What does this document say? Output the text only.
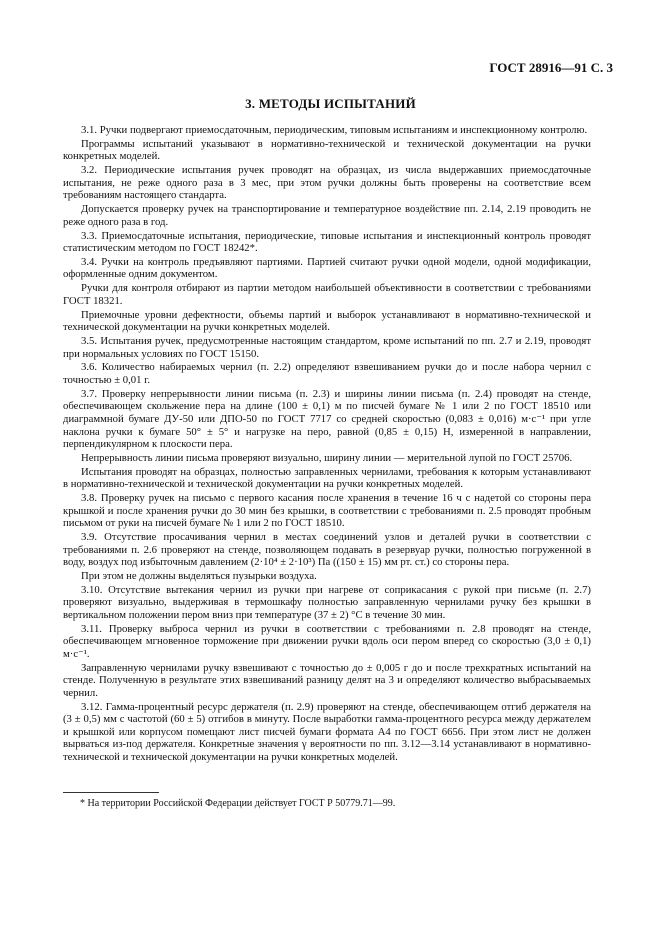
ГОСТ 28916—91 С. 3
3. МЕТОДЫ ИСПЫТАНИЙ

3.1. Ручки подвергают приемосдаточным, периодическим, типовым испытаниям и инспекционному контролю.

Программы испытаний указывают в нормативно-технической и технической документации на ручки конкретных моделей.

3.2. Периодические испытания ручек проводят на образцах, из числа выдержавших приемосдаточные испытания, не реже одного раза в 3 мес, при этом ручки должны быть проверены на соответствие всем требованиям настоящего стандарта.

Допускается проверку ручек на транспортирование и температурное воздействие пп. 2.14, 2.19 проводить не реже одного раза в год.

3.3. Приемосдаточные испытания, периодические, типовые испытания и инспекционный контроль проводят статистическим методом по ГОСТ 18242*.

3.4. Ручки на контроль предъявляют партиями. Партией считают ручки одной модели, одной модификации, оформленные одним документом.

Ручки для контроля отбирают из партии методом наибольшей объективности в соответствии с требованиями ГОСТ 18321.

Приемочные уровни дефектности, объемы партий и выборок устанавливают в нормативно-технической и технической документации на ручки конкретных моделей.

3.5. Испытания ручек, предусмотренные настоящим стандартом, кроме испытаний по пп. 2.7 и 2.19, проводят при нормальных условиях по ГОСТ 15150.

3.6. Количество набираемых чернил (п. 2.2) определяют взвешиванием ручки до и после набора чернил с точностью ± 0,01 г.

3.7. Проверку непрерывности линии письма (п. 2.3) и ширины линии письма (п. 2.4) проводят на стенде, обеспечивающем скольжение пера на длине (100 ± 0,1) м по писчей бумаге № 1 или 2 по ГОСТ 18510 или диаграммной бумаге ДУ-50 или ДПО-50 по ГОСТ 7717 со средней скоростью (0,083 ± 0,016) м·с⁻¹ при угле наклона ручки к бумаге 50° ± 5° и нагрузке на перо, равной (0,85 ± 0,15) Н, измеренной в направлении, перпендикулярном к плоскости пера.

Непрерывность линии письма проверяют визуально, ширину линии — мерительной лупой по ГОСТ 25706.

Испытания проводят на образцах, полностью заправленных чернилами, требования к которым устанавливают в нормативно-технической и технической документации на ручки конкретных моделей.

3.8. Проверку ручек на письмо с первого касания после хранения в течение 16 ч с надетой со стороны пера крышкой и после хранения ручки до 30 мин без крышки, в соответствии с требованиями п. 2.5 проводят пробным письмом от руки на писчей бумаге № 1 или 2 по ГОСТ 18510.

3.9. Отсутствие просачивания чернил в местах соединений узлов и деталей ручки в соответствии с требованиями п. 2.6 проверяют на стенде, позволяющем подавать в резервуар ручки, полностью погруженной в воду, воздух под избыточным давлением (2·10⁴ ± 2·10³) Па ((150 ± 15) мм рт. ст.) со стороны пера.

При этом не должны выделяться пузырьки воздуха.

3.10. Отсутствие вытекания чернил из ручки при нагреве от соприкасания с рукой при письме (п. 2.7) проверяют визуально, выдерживая в термошкафу полностью заправленную чернилами ручку без крышки в вертикальном положении пером вниз при температуре (37 ± 2) °С в течение 30 мин.

3.11. Проверку выброса чернил из ручки в соответствии с требованиями п. 2.8 проводят на стенде, обеспечивающем мгновенное торможение при движении ручки вдоль оси пером вперед со скоростью (3,0 ± 0,1) м·с⁻¹.

Заправленную чернилами ручку взвешивают с точностью до ± 0,005 г до и после трехкратных испытаний на стенде. Полученную в результате этих взвешиваний разницу делят на 3 и определяют количество выбрасываемых чернил.

3.12. Гамма-процентный ресурс держателя (п. 2.9) проверяют на стенде, обеспечивающем отгиб держателя на (3 ± 0,5) мм с частотой (60 ± 5) отгибов в минуту. После выработки гамма-процентного ресурса между держателем и крышкой или корпусом помещают лист писчей бумаги формата А4 по ГОСТ 6656. При этом лист не должен вырваться из-под держателя. Конкретные значения γ вероятности по пп. 3.12—3.14 устанавливают в нормативно-технической и технической документации на ручки конкретных моделей.

* На территории Российской Федерации действует ГОСТ Р 50779.71—99.
